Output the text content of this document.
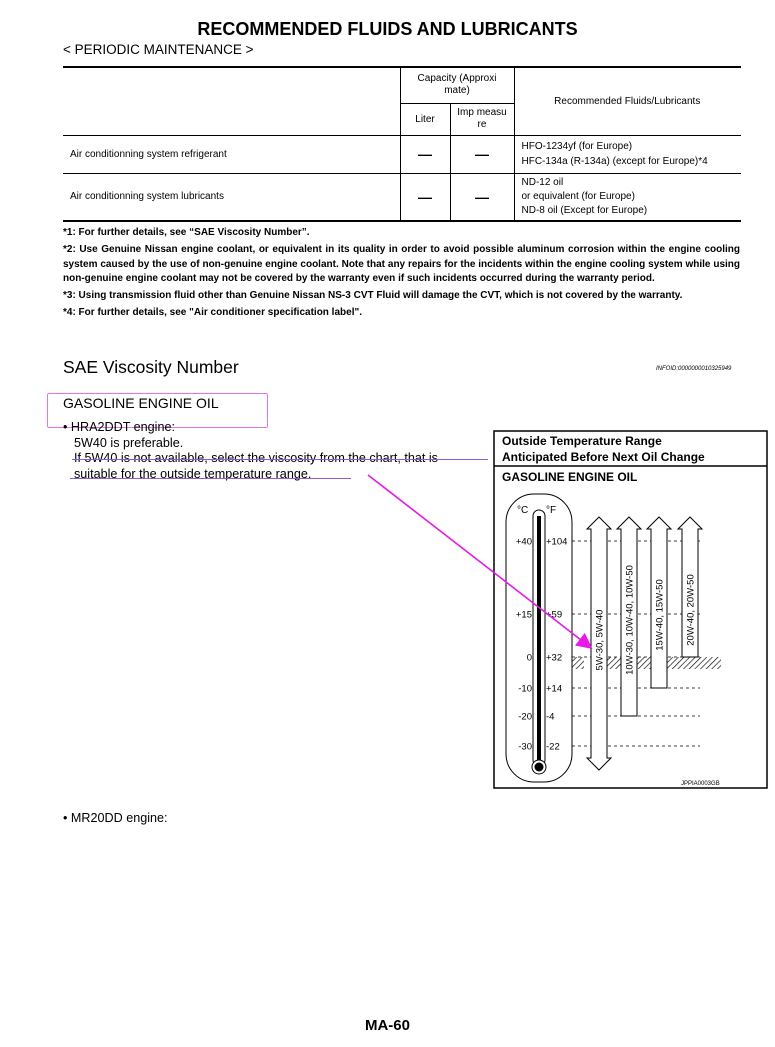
RECOMMENDED FLUIDS AND LUBRICANTS
< PERIODIC MAINTENANCE >
	Capacity (Approximate)		Recommended Fluids/Lubricants
	Liter	Imp measure	
Air conditionning system refrigerant	—	—	HFO-1234yf (for Europe)
HFC-134a (R-134a) (except for Europe)*4

Air conditionning system lubricants	—	—	ND-12 oil
or equivalent (for Europe)
ND-8 oil (Except for Europe)

*1: For further details, see “SAE Viscosity Number”.

*2: Use Genuine Nissan engine coolant, or equivalent in its quality in order to avoid possible aluminum corrosion within the engine cooling system caused by the use of non-genuine engine coolant. Note that any repairs for the incidents within the engine cooling system while using non-genuine engine coolant may not be covered by the warranty even if such incidents occurred during the warranty period.

*3: Using transmission fluid other than Genuine Nissan NS-3 CVT Fluid will damage the CVT, which is not covered by the warranty.

*4: For further details, see "Air conditioner specification label".

SAE Viscosity Number	INFOID:0000000010325949
GASOLINE ENGINE OIL
• HRA2DDT engine:
5W40 is preferable.
If 5W40 is not available, select the viscosity from the chart, that is
suitable for the outside temperature range.
Outside Temperature Range
Anticipated Before Next Oil Change
GASOLINE ENGINE OIL
°C °F
+40 +104
+15 +59
0 +32
-10 +14
-20 -4
-30 -22
5W-30, 5W-40 10W-30, 10W-40, 10W-50 15W-40, 15W-50 20W-40, 20W-50
JPPIA0003GB
• MR20DD engine:
MA-60
